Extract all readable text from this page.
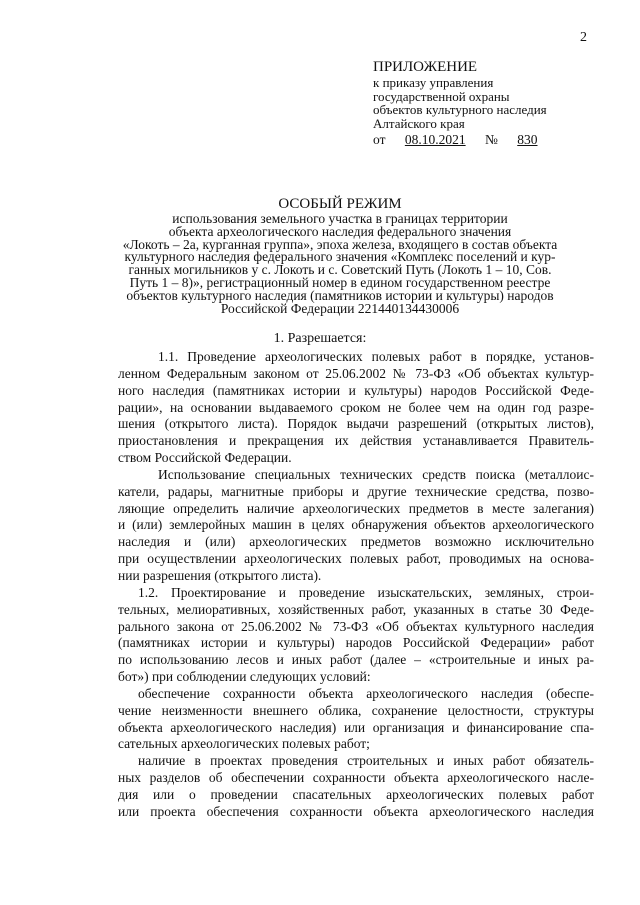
2
ПРИЛОЖЕНИЕ
к приказу управления
государственной охраны
объектов культурного наследия
Алтайского края
от 08.10.2021 № 830
ОСОБЫЙ РЕЖИМ
использования земельного участка в границах территории
объекта археологического наследия федерального значения
«Локоть – 2а, курганная группа», эпоха железа, входящего в состав объекта
культурного наследия федерального значения «Комплекс поселений и кур-
ганных могильников у с. Локоть и с. Советский Путь (Локоть 1 – 10, Сов.
Путь 1 – 8)», регистрационный номер в едином государственном реестре
объектов культурного наследия (памятников истории и культуры) народов
Российской Федерации 221440134430006
1. Разрешается:
1.1. Проведение археологических полевых работ в порядке, установ-
ленном Федеральным законом от 25.06.2002 № 73-ФЗ «Об объектах культур-
ного наследия (памятниках истории и культуры) народов Российской Феде-
рации», на основании выдаваемого сроком не более чем на один год разре-
шения (открытого листа). Порядок выдачи разрешений (открытых листов),
приостановления и прекращения их действия устанавливается Правитель-
ством Российской Федерации.
Использование специальных технических средств поиска (металлоис-
катели, радары, магнитные приборы и другие технические средства, позво-
ляющие определить наличие археологических предметов в месте залегания)
и (или) землеройных машин в целях обнаружения объектов археологического
наследия и (или) археологических предметов возможно исключительно
при осуществлении археологических полевых работ, проводимых на основа-
нии разрешения (открытого листа).
1.2. Проектирование и проведение изыскательских, земляных, строи-
тельных, мелиоративных, хозяйственных работ, указанных в статье 30 Феде-
рального закона от 25.06.2002 № 73-ФЗ «Об объектах культурного наследия
(памятниках истории и культуры) народов Российской Федерации» работ
по использованию лесов и иных работ (далее – «строительные и иных ра-
бот») при соблюдении следующих условий:
обеспечение сохранности объекта археологического наследия (обеспе-
чение неизменности внешнего облика, сохранение целостности, структуры
объекта археологического наследия) или организация и финансирование спа-
сательных археологических полевых работ;
наличие в проектах проведения строительных и иных работ обязатель-
ных разделов об обеспечении сохранности объекта археологического насле-
дия или о проведении спасательных археологических полевых работ
или проекта обеспечения сохранности объекта археологического наследия
